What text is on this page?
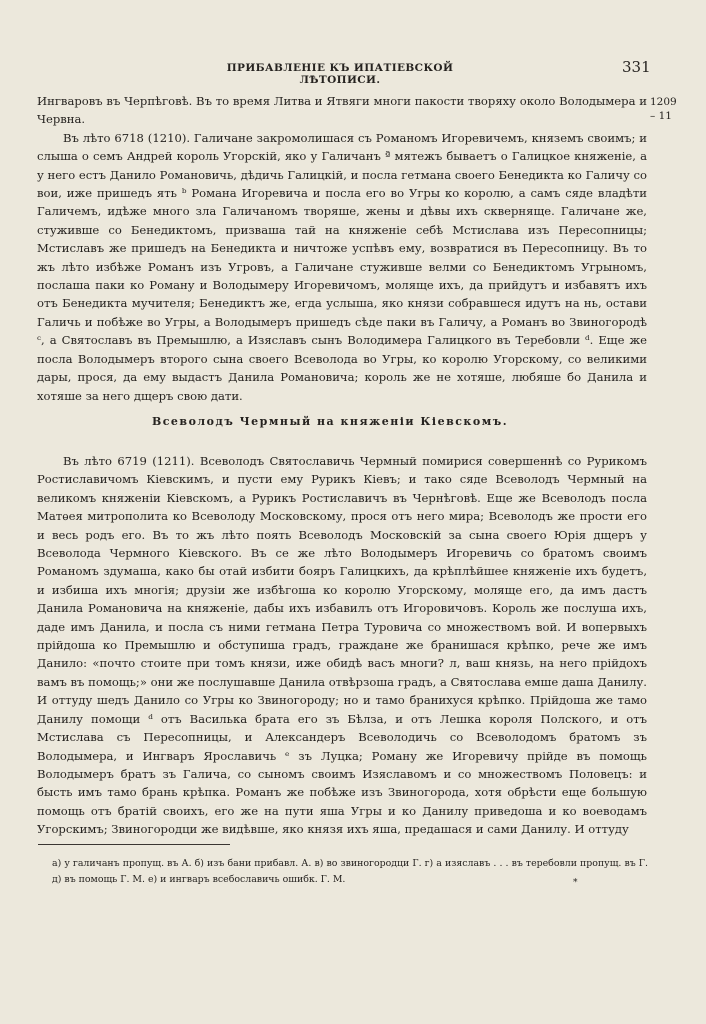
ПРИБАВЛЕНІЕ КЪ ИПАТІЕВСКОЙ ЛѢТОПИСИ.
331
1209
– 11

Ингваровъ въ Черпѣговѣ. Въ то время Литва и Ятвяги многи пакости творяху около Володымера и Червна.

Въ лѣто 6718 (1210). Галичане закромолишася съ Романомъ Игоревичемъ, княземъ своимъ; и слыша о семъ Андрей король Угорскій, яко у Галичанъ ª мятежъ бываетъ о Галицкое княженіе, а у него естъ Данило Романовичь, дѣдичь Галицкій, и посла гетмана своего Бенедикта ко Галичу со вои, иже пришедъ ять ᵇ Романа Игоревича и посла его во Угры ко королю, а самъ сяде владѣти Галичемъ, идѣже много зла Галичаномъ творяше, жены и дѣвы ихъ скверняще. Галичане же, стужившe со Бенедиктомъ, призваша тай на княженіе себѣ Мстислава изъ Пересопницы; Мстиславъ же пришедъ на Бенедикта и ничтоже успѣвъ ему, возвратися въ Пересопницу. Въ то жъ лѣто избѣже Романъ изъ Угровъ, а Галичане стуживше велми со Бенедиктомъ Угрыномъ, послаша паки ко Роману и Володымеру Игоревичомъ, моляще ихъ, да прийдутъ и избавятъ ихъ отъ Бенедикта мучителя; Бенедиктъ же, егда услыша, яко князи собравшеся идутъ на нь, остави Галичь и побѣже во Угры, а Володымеръ пришедъ сѣде паки въ Галичу, а Романъ во Звиногородѣ ᶜ, а Святославъ въ Премышлю, а Изяславъ сынъ Володимера Галицкого въ Теребовли ᵈ. Еще же посла Володымеръ второго сына своего Всеволода во Угры, ко королю Угорскому, со великими дары, прося, да ему выдастъ Данила Романовича; король же не хотяше, любяше бо Данила и хотяше за него дщеръ свою дати.

Всеволодъ Чермный на княженіи Кіевскомъ.

Въ лѣто 6719 (1211). Всеволодъ Святославичь Чермный помирися совершеннѣ со Рурикомъ Ростиславичомъ Кіевскимъ, и пусти ему Рурикъ Кіевъ; и тако сяде Всеволодъ Чермный на великомъ княженіи Кіевскомъ, а Рурикъ Ростиславичъ въ Чернѣговѣ. Еще же Всеволодъ посла Матѳея митрополита ко Всеволоду Московскому, прося отъ него мира; Всеволодъ же прости его и весь родъ его. Въ то жъ лѣто поять Всеволодъ Московскій за сына своего Юрія дщеръ у Всеволода Чермного Кіевского. Въ се же лѣто Володымеръ Игоревичь со братомъ своимъ Романомъ здумаша, како бы отай избити бояръ Галицкихъ, да крѣплѣйшее княженіе ихъ будетъ, и избиша ихъ многія; друзіи же избѣгоша ко королю Угорскому, моляще его, да имъ дастъ Данила Романовича на княженіе, дабы ихъ избавилъ отъ Игоровичовъ. Король же послуша ихъ, даде имъ Данила, и посла съ ними гетмана Петра Туровича со множествомъ вой. И вопервыхъ прійдоша ко Премышлю и обступиша градъ, гражданe же бранишася крѣпко, рече же имъ Данило: «почто стоите при томъ князи, иже обидѣ васъ многи? л, ваш князь, на него прійдохъ вамъ въ помощь;» они же послушавше Данила отвѣрзоша градъ, а Святослава емше даша Данилу. И оттуду шедъ Данило со Угры ко Звиногороду; но и тамо бранихуся крѣпко. Прійдоша же тамо Данилу помощи ᵈ отъ Василька брата его зъ Бѣлза, и отъ Лешка короля Полского, и отъ Мстислава съ Пересопницы, и Александеръ Всеволодичь со Всеволодомъ братомъ зъ Володымера, и Ингваръ Ярославичь ᵉ зъ Луцка; Роману же Игоревичу прійде въ помощь Володымеръ братъ зъ Галича, со сыномъ своимъ Изяславомъ и со множествомъ Половецъ: и бысть имъ тамо брань крѣпка. Романъ же побѣже изъ Звиногорода, хотя обрѣсти еще большую помощь отъ братій своихъ, его же на пути яша Угры и ко Данилу приведоша и ко воеводамъ Угорскимъ; Звиногородци же видѣвше, яко князя ихъ яша, предашася и сами Данилу. И оттуду

а) у галичанъ пропущ. въ А. б) изъ бани прибавл. А. в) во звиногородци Г. г) а изяславъ . . . въ теребовли пропущ. въ Г. д) въ помощь Г. М. е) и ингваръ всебославичь ошибк. Г. М.	*
